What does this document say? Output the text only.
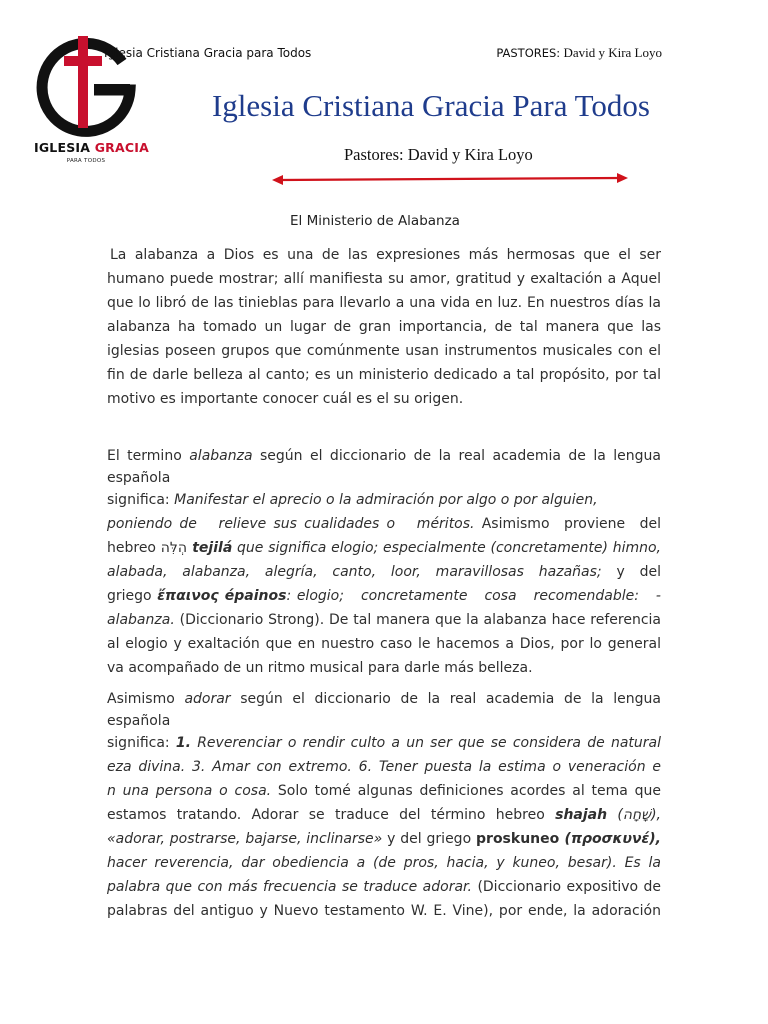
IGLESIA GRACIA
PARA TODOS
Iglesia Cristiana Gracia para Todos	PASTORES: David y Kira Loyo
Iglesia Cristiana Gracia Para Todos
Pastores: David y Kira Loyo
El Ministerio de Alabanza
La alabanza a Dios es una de las expresiones más hermosas que el ser
humano puede mostrar; allí manifiesta su amor, gratitud y exaltación a Aquel
que lo libró de las tinieblas para llevarlo a una vida en luz. En nuestros días la
alabanza ha tomado un lugar de gran importancia, de tal manera que las
iglesias poseen grupos que comúnmente usan instrumentos musicales con el
fin de darle belleza al canto; es un ministerio dedicado a tal propósito, por tal
motivo es importante conocer cuál es el su origen.
El termino alabanza según el diccionario de la real academia de la lengua
española
significa: Manifestar el aprecio o la admiración por algo o por alguien,
poniendo de   relieve sus cualidades o   méritos. Asimismo  proviene  del
hebreo הְלִּה tejilá que significa elogio; especialmente (concretamente) himno,
alabada, alabanza, alegría, canto, loor, maravillosas hazañas; y del
griego ἔπαινος épainos: elogio;   concretamente   cosa   recomendable:   -
alabanza. (Diccionario Strong). De tal manera que la alabanza hace referencia
al elogio y exaltación que en nuestro caso le hacemos a Dios, por lo general
va acompañado de un ritmo musical para darle más belleza.
Asimismo adorar según el diccionario de la real academia de la lengua
española
significa: 1. Reverenciar o rendir culto a un ser que se considera de natural
eza divina. 3. Amar con extremo. 6. Tener puesta la estima o veneración e
n una persona o cosa. Solo tomé algunas definiciones acordes al tema que
estamos tratando. Adorar se traduce del término hebreo shajah (שָׁחָה),
«adorar, postrarse, bajarse, inclinarse» y del griego proskuneo (προσκυνέ),
hacer reverencia, dar obediencia a (de pros, hacia, y kuneo, besar). Es la
palabra que con más frecuencia se traduce adorar. (Diccionario expositivo de
palabras del antiguo y Nuevo testamento W. E. Vine), por ende, la adoración
